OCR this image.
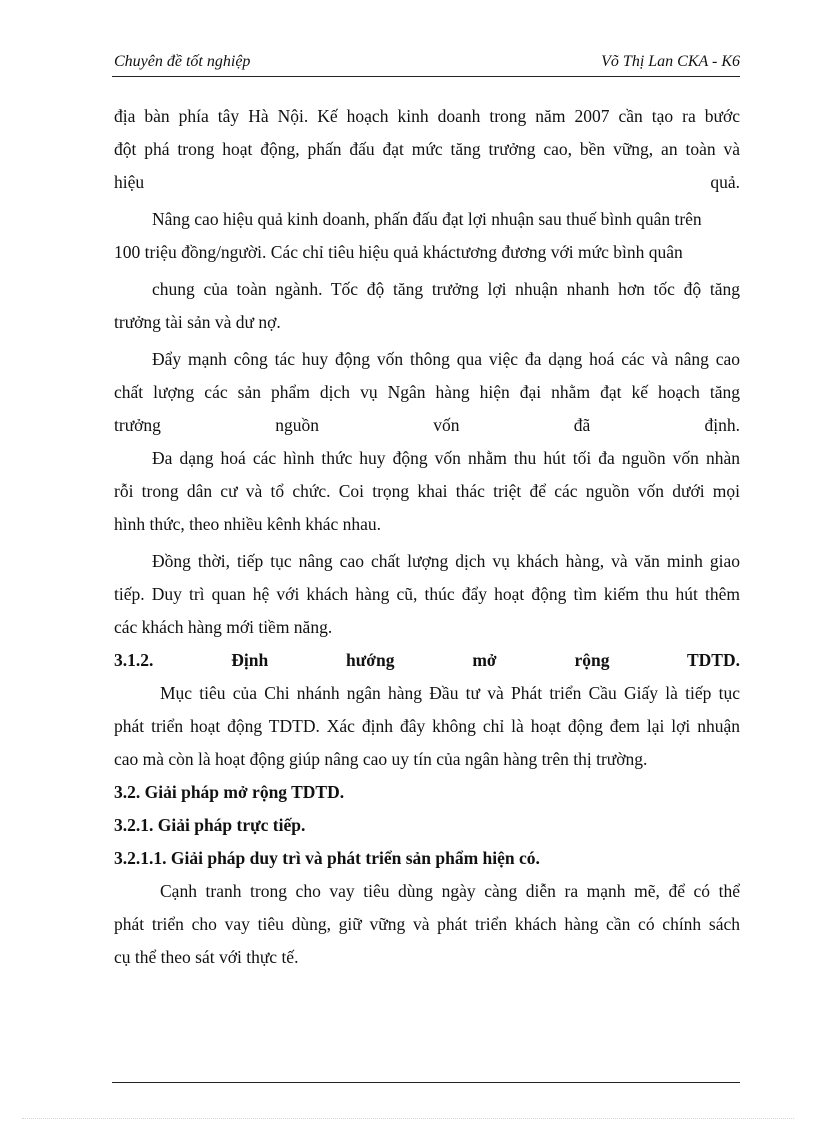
Chuyên đề tốt nghiệp	Võ Thị Lan CKA - K6
địa bàn phía tây Hà Nội. Kế hoạch kinh doanh trong năm 2007 cần tạo ra bước
đột phá trong hoạt động, phấn đấu đạt mức tăng trưởng cao, bền vững, an toàn và
hiệu quả.
Nâng cao hiệu quả kinh doanh, phấn đấu đạt lợi nhuận sau thuế bình quân trên
100 triệu đồng/người. Các chỉ tiêu hiệu quả kháctương đương với mức bình quân
chung của toàn ngành. Tốc độ tăng trưởng lợi nhuận nhanh hơn tốc độ tăng
trưởng tài sản và dư nợ.
Đẩy mạnh công tác huy động vốn thông qua việc đa dạng hoá các và nâng cao
chất lượng các sản phẩm dịch vụ Ngân hàng hiện đại nhằm đạt kế hoạch tăng
trưởng nguồn vốn đã định.
Đa dạng hoá các hình thức huy động vốn nhằm thu hút tối đa nguồn vốn nhàn
rỗi trong dân cư và tổ chức. Coi trọng khai thác triệt để các nguồn vốn dưới mọi
hình thức, theo nhiều kênh khác nhau.
Đồng thời, tiếp tục nâng cao chất lượng dịch vụ khách hàng, và văn minh giao
tiếp. Duy trì quan hệ với khách hàng cũ, thúc đẩy hoạt động tìm kiếm thu hút thêm
các khách hàng mới tiềm năng.
3.1.2. Định hướng mở rộng TDTD.
Mục tiêu của Chi nhánh ngân hàng Đầu tư và Phát triển Cầu Giấy là tiếp tục
phát triển hoạt động TDTD. Xác định đây không chỉ là hoạt động đem lại lợi nhuận
cao mà còn là hoạt động giúp nâng cao uy tín của ngân hàng trên thị trường.
3.2. Giải pháp mở rộng TDTD.
3.2.1. Giải pháp trực tiếp.
3.2.1.1. Giải pháp duy trì và phát triển sản phẩm hiện có.
Cạnh tranh trong cho vay tiêu dùng ngày càng diễn ra mạnh mẽ, để có thể
phát triển cho vay tiêu dùng, giữ vững và phát triển khách hàng cần có chính sách
cụ thể theo sát với thực tế.
